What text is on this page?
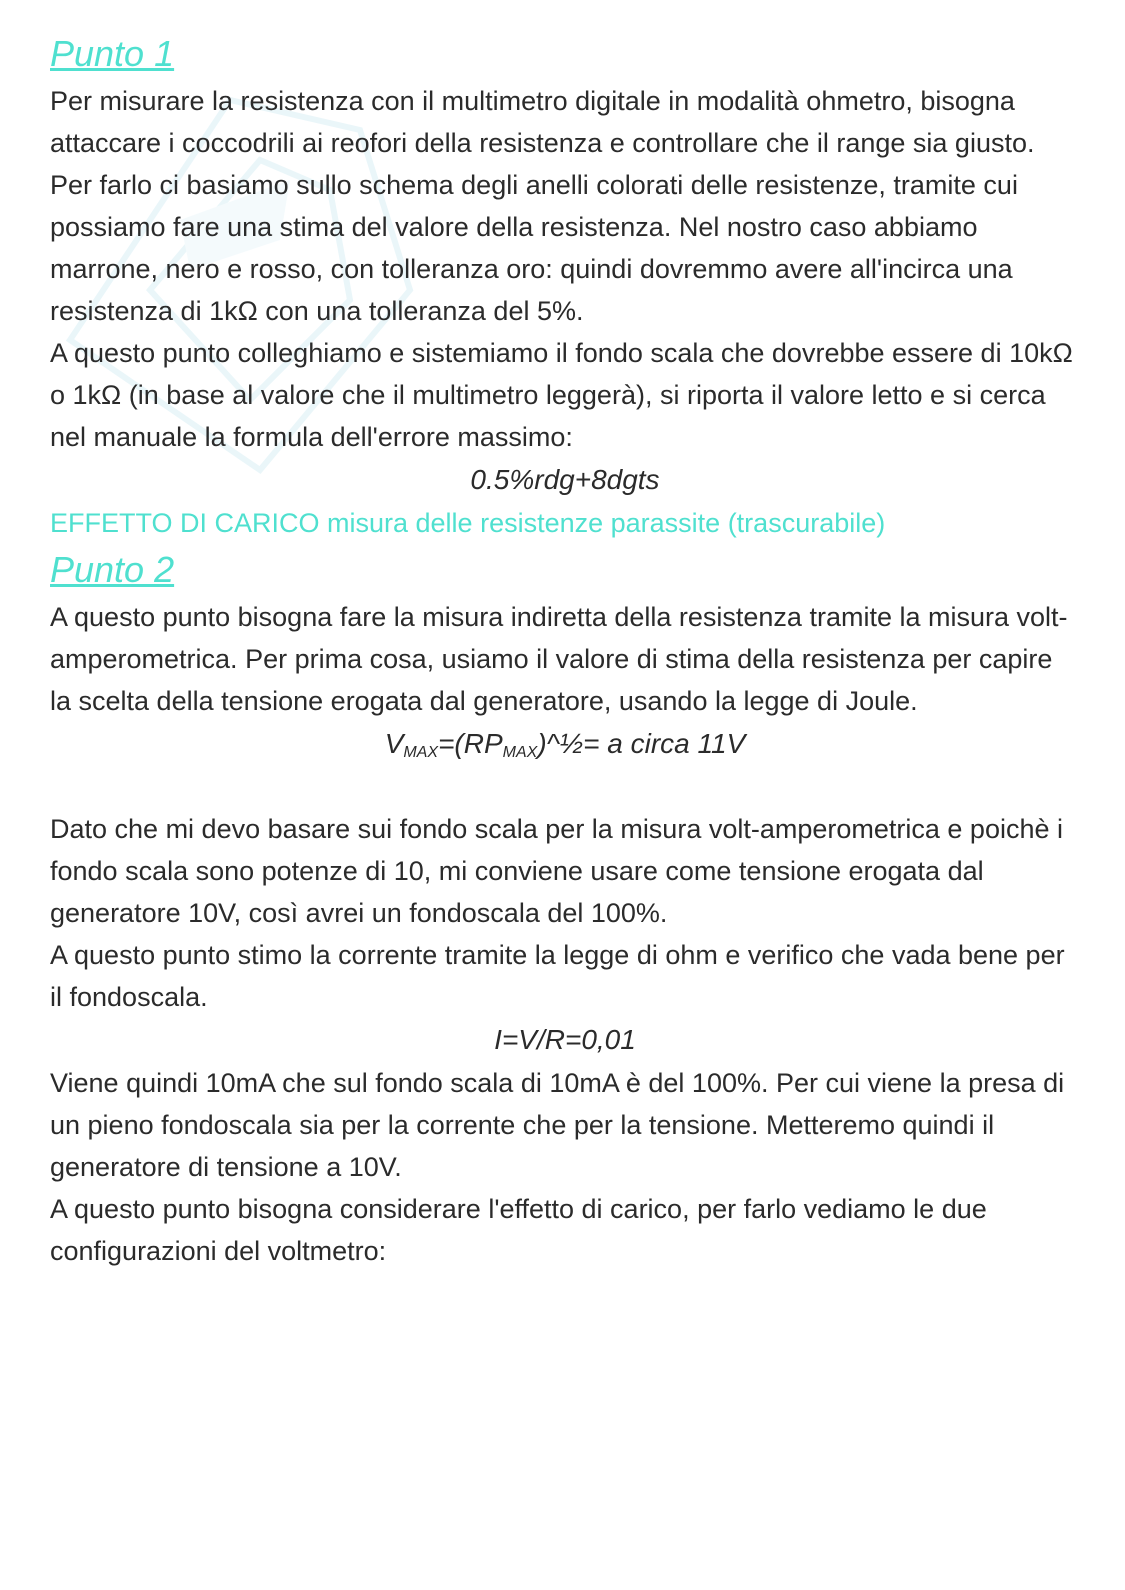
Punto 1

Per misurare la resistenza con il multimetro digitale in modalità ohmetro, bisogna attaccare i coccodrili ai reofori della resistenza e controllare che il range sia giusto. Per farlo ci basiamo sullo schema degli anelli colorati delle resistenze, tramite cui possiamo fare una stima del valore della resistenza. Nel nostro caso abbiamo marrone, nero e rosso, con tolleranza oro: quindi dovremmo avere all'incirca una resistenza di 1kΩ con una tolleranza del 5%.

A questo punto colleghiamo e sistemiamo il fondo scala che dovrebbe essere di 10kΩ o 1kΩ (in base al valore che il multimetro leggerà), si riporta il valore letto e si cerca nel manuale la formula dell'errore massimo:

0.5%rdg+8dgts

EFFETTO DI CARICO misura delle resistenze parassite (trascurabile)

Punto 2

A questo punto bisogna fare la misura indiretta della resistenza tramite la misura volt-amperometrica. Per prima cosa, usiamo il valore di stima della resistenza per capire la scelta della tensione erogata dal generatore, usando la legge di Joule.

$V_{MAX}=(RP_{MAX})\^{}\frac{1}{2}= a$ circa 11V

Dato che mi devo basare sui fondo scala per la misura volt-amperometrica e poichè i fondo scala sono potenze di 10, mi conviene usare come tensione erogata dal generatore 10V, così avrei un fondoscala del 100%.

A questo punto stimo la corrente tramite la legge di ohm e verifico che vada bene per il fondoscala.

I=V/R=0,01

Viene quindi 10mA che sul fondo scala di 10mA è del 100%. Per cui viene la presa di un pieno fondoscala sia per la corrente che per la tensione. Metteremo quindi il generatore di tensione a 10V.

A questo punto bisogna considerare l'effetto di carico, per farlo vediamo le due configurazioni del voltmetro:
